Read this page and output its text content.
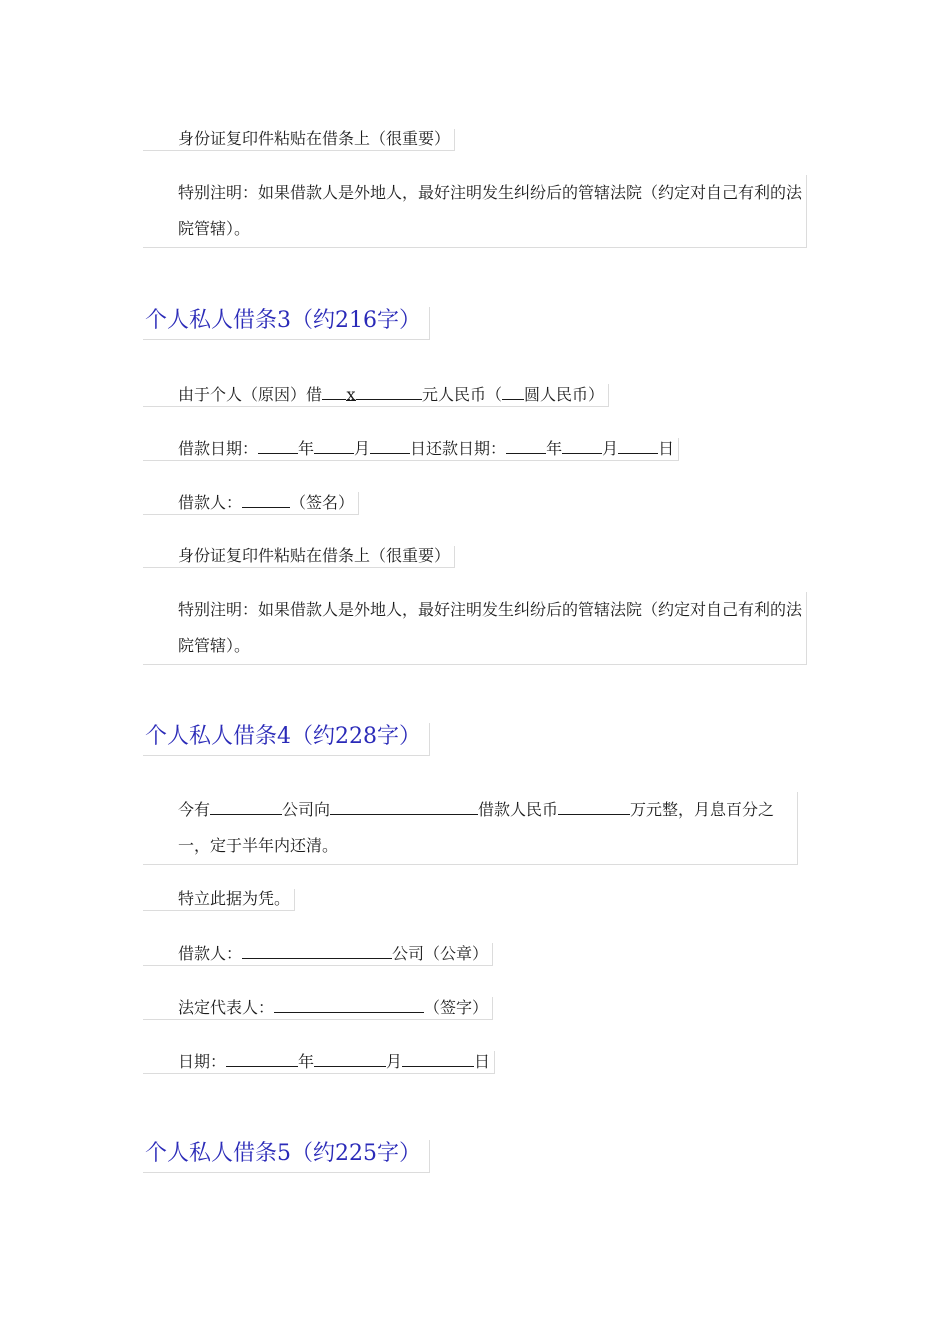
身份证复印件粘贴在借条上（很重要）
特别注明：如果借款人是外地人，最好注明发生纠纷后的管辖法院（约定对自己有利的法院管辖）。
个人私人借条3（约216字）
由于个人（原因）借 x	元人民币（ 圆人民币）
借款日期：	年	月	日还款日期：	年	月	日
借款人：	（签名）
身份证复印件粘贴在借条上（很重要）
特别注明：如果借款人是外地人，最好注明发生纠纷后的管辖法院（约定对自己有利的法院管辖）。
个人私人借条4（约228字）
今有	公司向	借款人民币	万元整，月息百分之一，定于半年内还清。
特立此据为凭。
借款人：	公司（公章）
法定代表人：	（签字）
日期：	年	月	日
个人私人借条5（约225字）
